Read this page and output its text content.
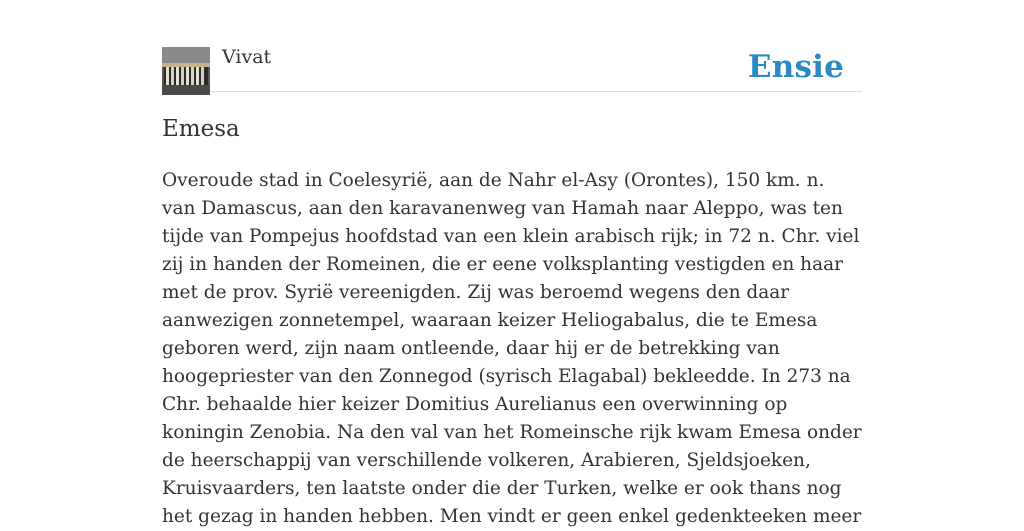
Vivat	Ensie
Emesa

Overoude stad in Coelesyrië, aan de Nahr el-Asy (Orontes), 150 km. n. van Damascus, aan den karavanenweg van Hamah naar Aleppo, was ten tijde van Pompejus hoofdstad van een klein arabisch rijk; in 72 n. Chr. viel zij in handen der Romeinen, die er eene volksplanting vestigden en haar met de prov. Syrië vereenigden. Zij was beroemd wegens den daar aanwezigen zonnetempel, waaraan keizer Heliogabalus, die te Emesa geboren werd, zijn naam ontleende, daar hij er de betrekking van hoogepriester van den Zonnegod (syrisch Elagabal) bekleedde. In 273 na Chr. behaalde hier keizer Domitius Aurelianus een overwinning op koningin Zenobia. Na den val van het Romeinsche rijk kwam Emesa onder de heerschappij van verschillende volkeren, Arabieren, Sjeldsjoeken, Kruisvaarders, ten laatste onder die der Turken, welke er ook thans nog het gezag in handen hebben. Men vindt er geen enkel gedenkteeken meer
